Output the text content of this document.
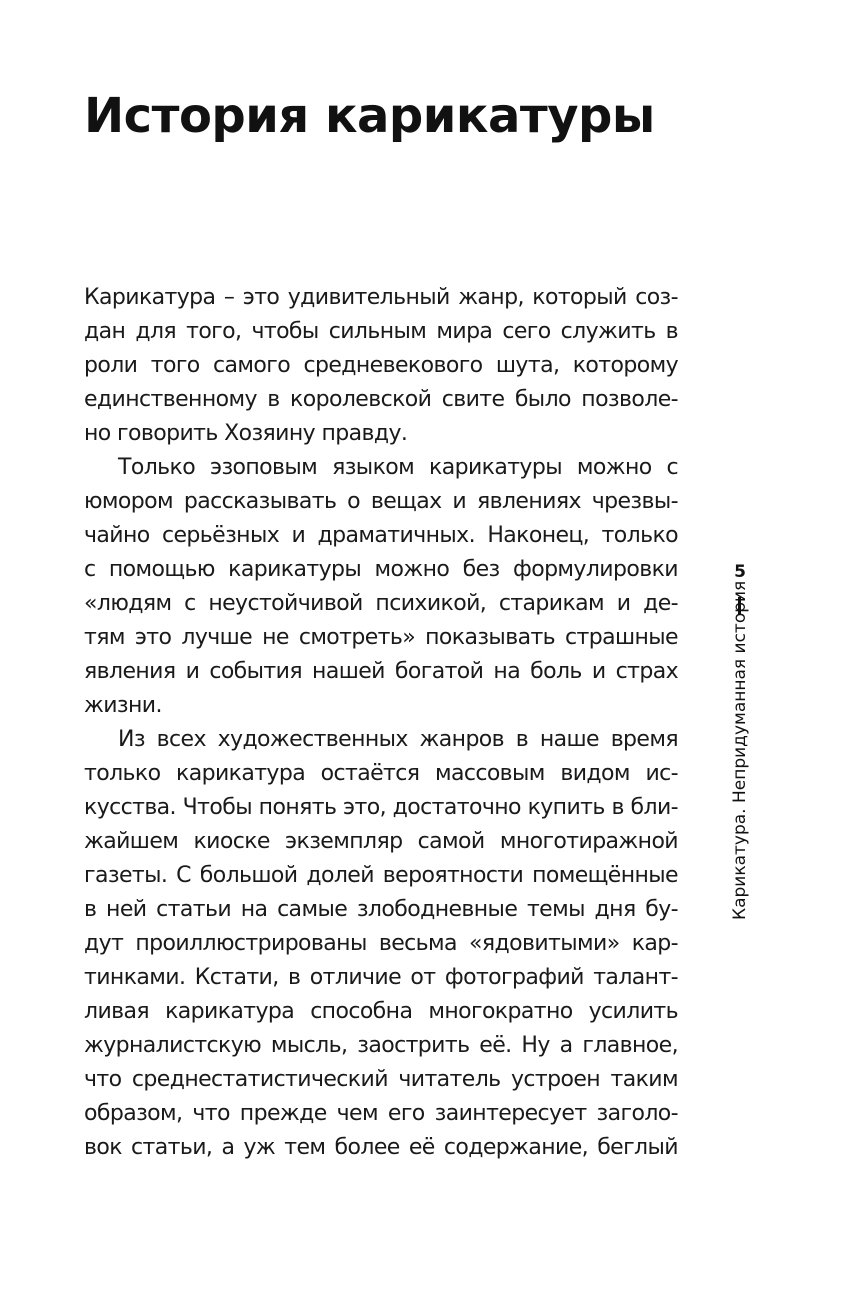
История карикатуры
Карикатура – это удивительный жанр, который соз-
дан для того, чтобы сильным мира сего служить в
роли того самого средневекового шута, которому
единственному в королевской свите было позволе-
но говорить Хозяину правду.
Только эзоповым языком карикатуры можно с
юмором рассказывать о вещах и явлениях чрезвы-
чайно серьёзных и драматичных. Наконец, только
с помощью карикатуры можно без формулировки
«людям с неустойчивой психикой, старикам и де-
тям это лучше не смотреть» показывать страшные
явления и события нашей богатой на боль и страх
жизни.
Из всех художественных жанров в наше время
только карикатура остаётся массовым видом ис-
кусства. Чтобы понять это, достаточно купить в бли-
жайшем киоске экземпляр самой многотиражной
газеты. С большой долей вероятности помещённые
в ней статьи на самые злободневные темы дня бу-
дут проиллюстрированы весьма «ядовитыми» кар-
тинками. Кстати, в отличие от фотографий талант-
ливая карикатура способна многократно усилить
журналистскую мысль, заострить её. Ну а главное,
что среднестатистический читатель устроен таким
образом, что прежде чем его заинтересует заголо-
вок статьи, а уж тем более её содержание, беглый
5
Карикатура. Непридуманная история
